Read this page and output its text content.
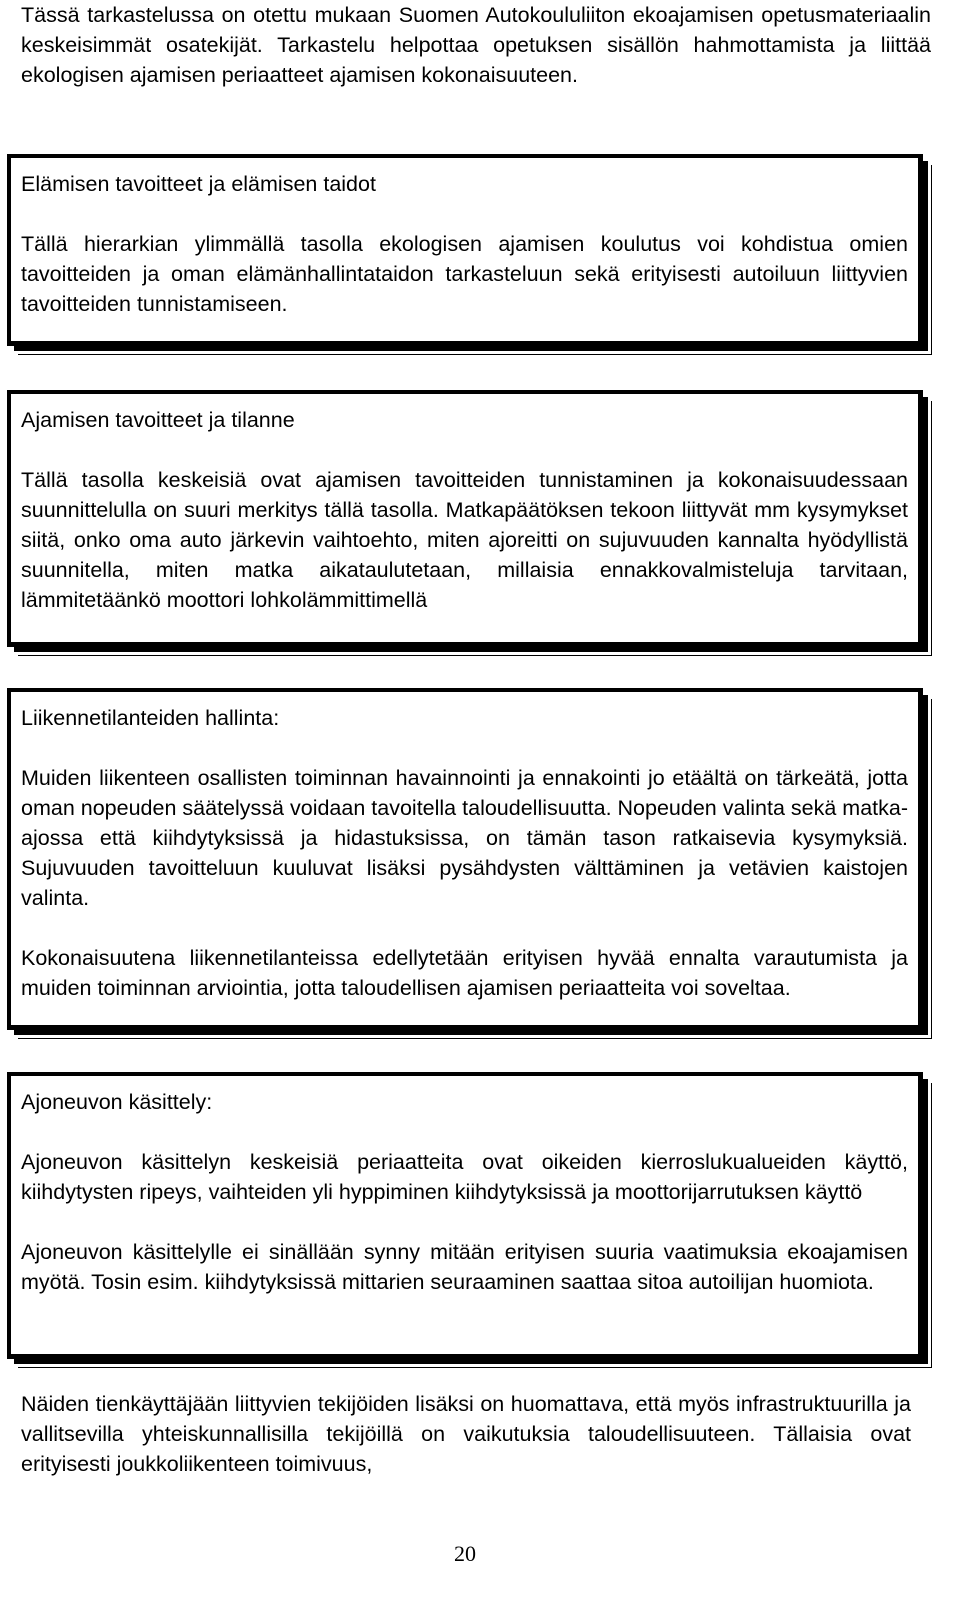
Tässä tarkastelussa on otettu mukaan Suomen Autokoululiiton ekoajamisen opetusmateriaalin keskeisimmät osatekijät. Tarkastelu helpottaa opetuksen sisällön hahmottamista ja liittää ekologisen ajamisen periaatteet ajamisen kokonaisuuteen.

Elämisen tavoitteet ja elämisen taidot

Tällä hierarkian ylimmällä tasolla ekologisen ajamisen koulutus voi kohdistua omien tavoitteiden ja oman elämänhallintataidon tarkasteluun sekä erityisesti autoiluun liittyvien tavoitteiden tunnistamiseen.

Ajamisen tavoitteet ja tilanne

Tällä tasolla keskeisiä ovat ajamisen tavoitteiden tunnistaminen ja kokonaisuudessaan suunnittelulla on suuri merkitys tällä tasolla. Matkapäätöksen tekoon liittyvät mm kysymykset siitä, onko oma auto järkevin vaihtoehto, miten ajoreitti on sujuvuuden kannalta hyödyllistä suunnitella, miten matka aikataulutetaan, millaisia ennakkovalmisteluja tarvitaan, lämmitetäänkö moottori lohkolämmittimellä

Liikennetilanteiden hallinta:

Muiden liikenteen osallisten toiminnan havainnointi ja ennakointi jo etäältä on tärkeätä, jotta oman nopeuden säätelyssä voidaan tavoitella taloudellisuutta. Nopeuden valinta sekä matka-ajossa että kiihdytyksissä ja hidastuksissa, on tämän tason ratkaisevia kysymyksiä. Sujuvuuden tavoitteluun kuuluvat lisäksi pysähdysten välttäminen ja vetävien kaistojen valinta.

Kokonaisuutena liikennetilanteissa edellytetään erityisen hyvää ennalta varautumista ja muiden toiminnan arviointia, jotta taloudellisen ajamisen periaatteita voi soveltaa.

Ajoneuvon käsittely:

Ajoneuvon käsittelyn keskeisiä periaatteita ovat oikeiden kierroslukualueiden käyttö, kiihdytysten ripeys, vaihteiden yli hyppiminen kiihdytyksissä ja moottorijarrutuksen käyttö

Ajoneuvon käsittelylle ei sinällään synny mitään erityisen suuria vaatimuksia ekoajamisen myötä. Tosin esim. kiihdytyksissä mittarien seuraaminen saattaa sitoa autoilijan huomiota.

Näiden tienkäyttäjään liittyvien tekijöiden lisäksi on huomattava, että myös infrastruktuurilla ja vallitsevilla yhteiskunnallisilla tekijöillä on vaikutuksia taloudellisuuteen. Tällaisia ovat erityisesti joukkoliikenteen toimivuus,

20
